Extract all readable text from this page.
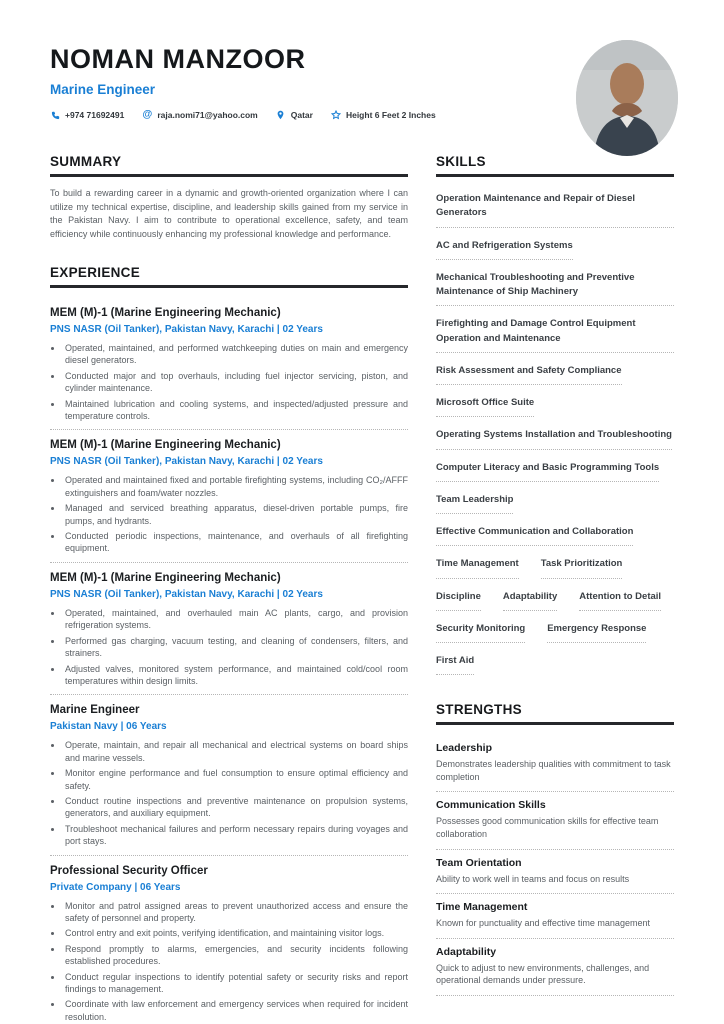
NOMAN MANZOOR
Marine Engineer
+974 71692491 @ raja.nomi71@yahoo.com	Qatar	Height 6 Feet 2 Inches
SUMMARY
To build a rewarding career in a dynamic and growth-oriented organization where I can utilize my technical expertise, discipline, and leadership skills gained from my service in the Pakistan Navy. I aim to contribute to operational excellence, safety, and team efficiency while continuously enhancing my professional knowledge and performance.
EXPERIENCE
MEM (M)-1 (Marine Engineering Mechanic)
PNS NASR (Oil Tanker), Pakistan Navy, Karachi | 02 Years
• Operated, maintained, and performed watchkeeping duties on main and emergency diesel generators.
• Conducted major and top overhauls, including fuel injector servicing, piston, and cylinder maintenance.
• Maintained lubrication and cooling systems, and inspected/adjusted pressure and temperature controls.
MEM (M)-1 (Marine Engineering Mechanic)
PNS NASR (Oil Tanker), Pakistan Navy, Karachi | 02 Years
• Operated and maintained fixed and portable firefighting systems, including CO₂/AFFF extinguishers and foam/water nozzles.
• Managed and serviced breathing apparatus, diesel-driven portable pumps, fire pumps, and hydrants.
• Conducted periodic inspections, maintenance, and overhauls of all firefighting equipment.
MEM (M)-1 (Marine Engineering Mechanic)
PNS NASR (Oil Tanker), Pakistan Navy, Karachi | 02 Years
• Operated, maintained, and overhauled main AC plants, cargo, and provision refrigeration systems.
• Performed gas charging, vacuum testing, and cleaning of condensers, filters, and strainers.
• Adjusted valves, monitored system performance, and maintained cold/cool room temperatures within design limits.
Marine Engineer
Pakistan Navy | 06 Years
• Operate, maintain, and repair all mechanical and electrical systems on board ships and marine vessels.
• Monitor engine performance and fuel consumption to ensure optimal efficiency and safety.
• Conduct routine inspections and preventive maintenance on propulsion systems, generators, and auxiliary equipment.
• Troubleshoot mechanical failures and perform necessary repairs during voyages and port stays.
Professional Security Officer
Private Company | 06 Years
• Monitor and patrol assigned areas to prevent unauthorized access and ensure the safety of personnel and property.
• Control entry and exit points, verifying identification, and maintaining visitor logs.
• Respond promptly to alarms, emergencies, and security incidents following established procedures.
• Conduct regular inspections to identify potential safety or security risks and report findings to management.
• Coordinate with law enforcement and emergency services when required for incident resolution.
SKILLS
Operation Maintenance and Repair of Diesel Generators
AC and Refrigeration Systems
Mechanical Troubleshooting and Preventive Maintenance of Ship Machinery
Firefighting and Damage Control Equipment Operation and Maintenance
Risk Assessment and Safety Compliance
Microsoft Office Suite
Operating Systems Installation and Troubleshooting
Computer Literacy and Basic Programming Tools
Team Leadership
Effective Communication and Collaboration
Time Management Task Prioritization
Discipline Adaptability Attention to Detail
Security Monitoring Emergency Response
First Aid
STRENGTHS
Leadership
Demonstrates leadership qualities with commitment to task completion
Communication Skills
Possesses good communication skills for effective team collaboration
Team Orientation
Ability to work well in teams and focus on results
Time Management
Known for punctuality and effective time management
Adaptability
Quick to adjust to new environments, challenges, and operational demands under pressure.
